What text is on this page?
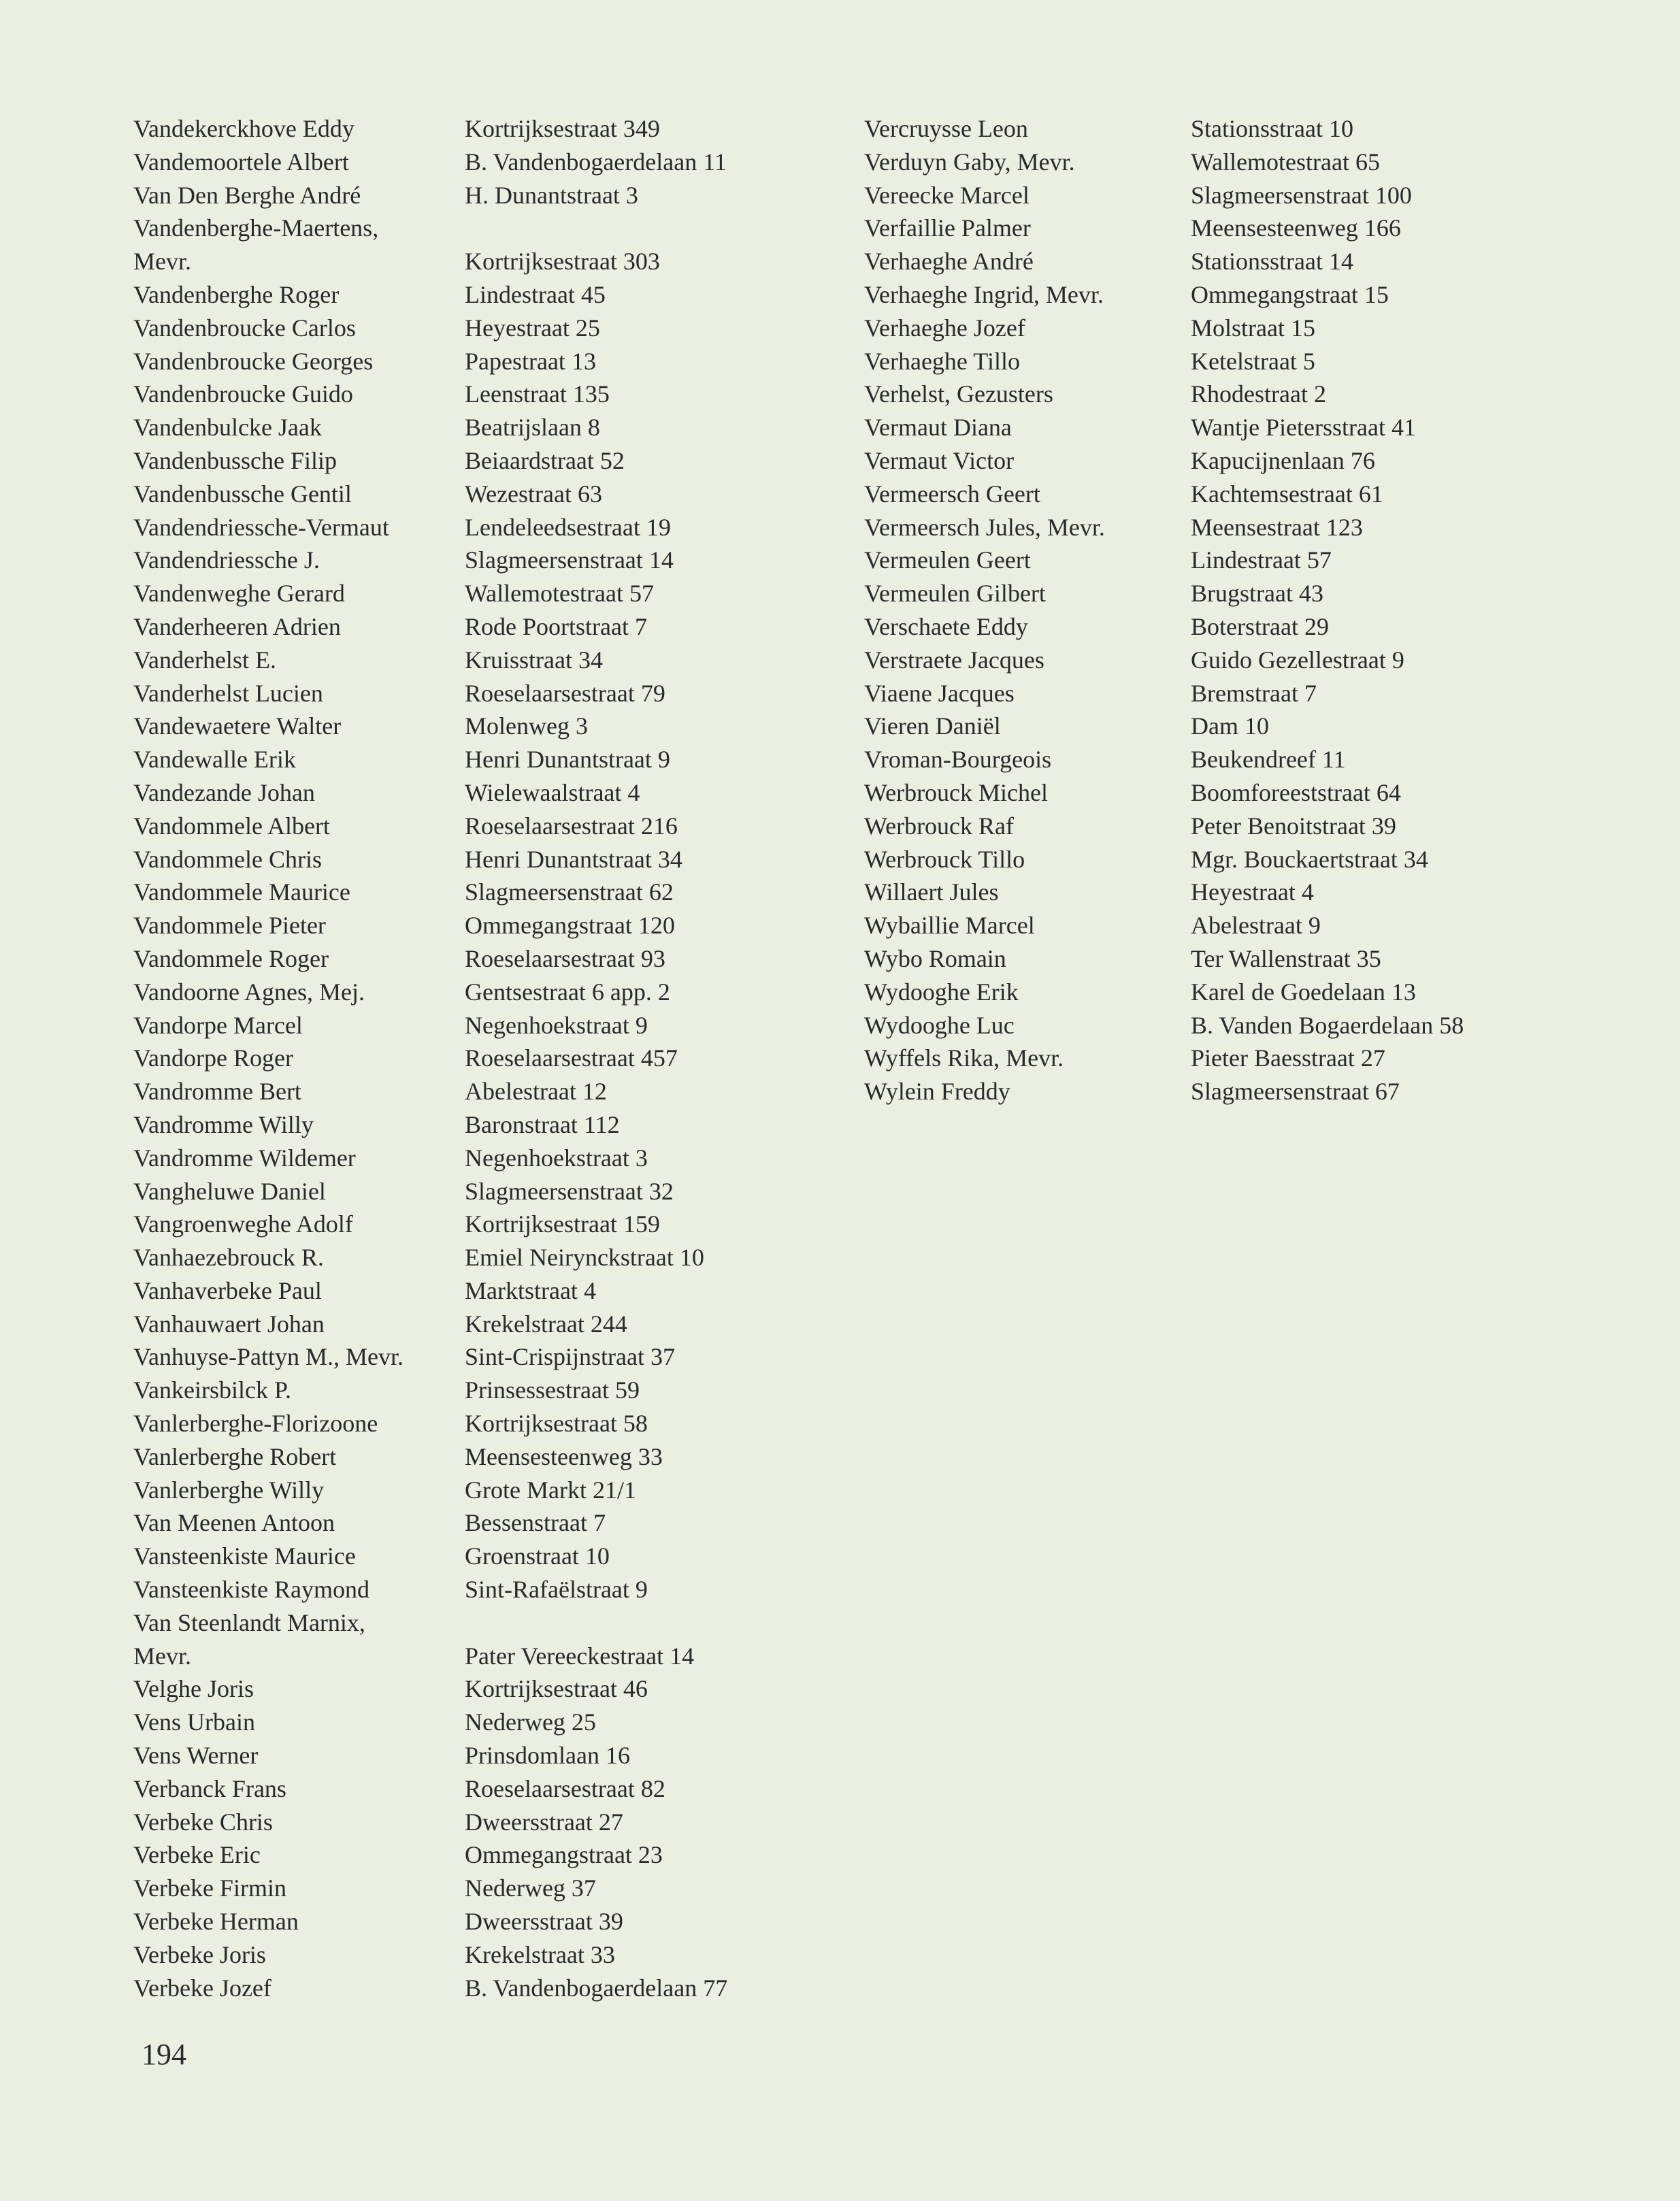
Vandekerckhove Eddy
Vandemoortele Albert
Van Den Berghe André
Vandenberghe-Maertens,
Mevr.
Vandenberghe Roger
Vandenbroucke Carlos
Vandenbroucke Georges
Vandenbroucke Guido
Vandenbulcke Jaak
Vandenbussche Filip
Vandenbussche Gentil
Vandendriessche-Vermaut
Vandendriessche J.
Vandenweghe Gerard
Vanderheeren Adrien
Vanderhelst E.
Vanderhelst Lucien
Vandewaetere Walter
Vandewalle Erik
Vandezande Johan
Vandommele Albert
Vandommele Chris
Vandommele Maurice
Vandommele Pieter
Vandommele Roger
Vandoorne Agnes, Mej.
Vandorpe Marcel
Vandorpe Roger
Vandromme Bert
Vandromme Willy
Vandromme Wildemer
Vangheluwe Daniel
Vangroenweghe Adolf
Vanhaezebrouck R.
Vanhaverbeke Paul
Vanhauwaert Johan
Vanhuyse-Pattyn M., Mevr.
Vankeirsbilck P.
Vanlerberghe-Florizoone
Vanlerberghe Robert
Vanlerberghe Willy
Van Meenen Antoon
Vansteenkiste Maurice
Vansteenkiste Raymond
Van Steenlandt Marnix,
Mevr.
Velghe Joris
Vens Urbain
Vens Werner
Verbanck Frans
Verbeke Chris
Verbeke Eric
Verbeke Firmin
Verbeke Herman
Verbeke Joris
Verbeke Jozef
Kortrijksestraat 349
B. Vandenbogaerdelaan 11
H. Dunantstraat 3
Kortrijksestraat 303
Lindestraat 45
Heyestraat 25
Papestraat 13
Leenstraat 135
Beatrijslaan 8
Beiaardstraat 52
Wezestraat 63
Lendeleedsestraat 19
Slagmeersenstraat 14
Wallemotestraat 57
Rode Poortstraat 7
Kruisstraat 34
Roeselaarsestraat 79
Molenweg 3
Henri Dunantstraat 9
Wielewaalstraat 4
Roeselaarsestraat 216
Henri Dunantstraat 34
Slagmeersenstraat 62
Ommegangstraat 120
Roeselaarsestraat 93
Gentsestraat 6 app. 2
Negenhoekstraat 9
Roeselaarsestraat 457
Abelestraat 12
Baronstraat 112
Negenhoekstraat 3
Slagmeersenstraat 32
Kortrijksestraat 159
Emiel Neirynckstraat 10
Marktstraat 4
Krekelstraat 244
Sint-Crispijnstraat 37
Prinsessestraat 59
Kortrijksestraat 58
Meensesteenweg 33
Grote Markt 21/1
Bessenstraat 7
Groenstraat 10
Sint-Rafaëlstraat 9
Pater Vereeckestraat 14
Kortrijksestraat 46
Nederweg 25
Prinsdomlaan 16
Roeselaarsestraat 82
Dweersstraat 27
Ommegangstraat 23
Nederweg 37
Dweersstraat 39
Krekelstraat 33
B. Vandenbogaerdelaan 77
Vercruysse Leon
Verduyn Gaby, Mevr.
Vereecke Marcel
Verfaillie Palmer
Verhaeghe André
Verhaeghe Ingrid, Mevr.
Verhaeghe Jozef
Verhaeghe Tillo
Verhelst, Gezusters
Vermaut Diana
Vermaut Victor
Vermeersch Geert
Vermeersch Jules, Mevr.
Vermeulen Geert
Vermeulen Gilbert
Verschaete Eddy
Verstraete Jacques
Viaene Jacques
Vieren Daniël
Vroman-Bourgeois
Werbrouck Michel
Werbrouck Raf
Werbrouck Tillo
Willaert Jules
Wybaillie Marcel
Wybo Romain
Wydooghe Erik
Wydooghe Luc
Wyffels Rika, Mevr.
Wylein Freddy
Stationsstraat 10
Wallemotestraat 65
Slagmeersenstraat 100
Meensesteenweg 166
Stationsstraat 14
Ommegangstraat 15
Molstraat 15
Ketelstraat 5
Rhodestraat 2
Wantje Pietersstraat 41
Kapucijnenlaan 76
Kachtemsestraat 61
Meensestraat 123
Lindestraat 57
Brugstraat 43
Boterstraat 29
Guido Gezellestraat 9
Bremstraat 7
Dam 10
Beukendreef 11
Boomforeeststraat 64
Peter Benoitstraat 39
Mgr. Bouckaertstraat 34
Heyestraat 4
Abelestraat 9
Ter Wallenstraat 35
Karel de Goedelaan 13
B. Vanden Bogaerdelaan 58
Pieter Baesstraat 27
Slagmeersenstraat 67
194
